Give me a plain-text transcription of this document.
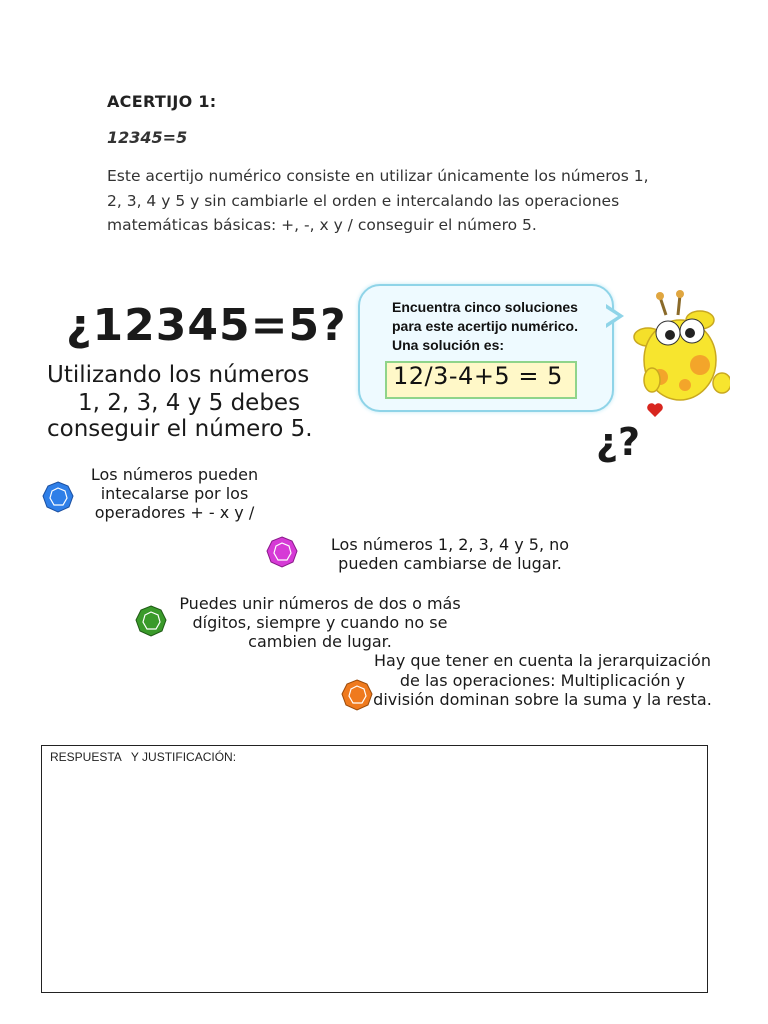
ACERTIJO 1:
12345=5
Este acertijo numérico consiste en utilizar únicamente los números 1, 2, 3, 4 y 5 y sin cambiarle el orden e intercalando las operaciones matemáticas básicas: +, -, x y / conseguir el número 5.
¿12345=5?
Utilizando los números
1, 2, 3, 4 y 5 debes
conseguir el número 5.
Encuentra cinco soluciones
para este acertijo numérico.
Una solución es:
12/3-4+5 = 5
¿?
Los números pueden intecalarse por los operadores + - x y /
Los números 1, 2, 3, 4 y 5, no pueden cambiarse de lugar.
Puedes unir números de dos o más dígitos, siempre y cuando no se cambien de lugar.
Hay que tener en cuenta la jerarquización de las operaciones: Multiplicación y división dominan sobre la suma y la resta.
RESPUESTA   Y JUSTIFICACIÓN:
